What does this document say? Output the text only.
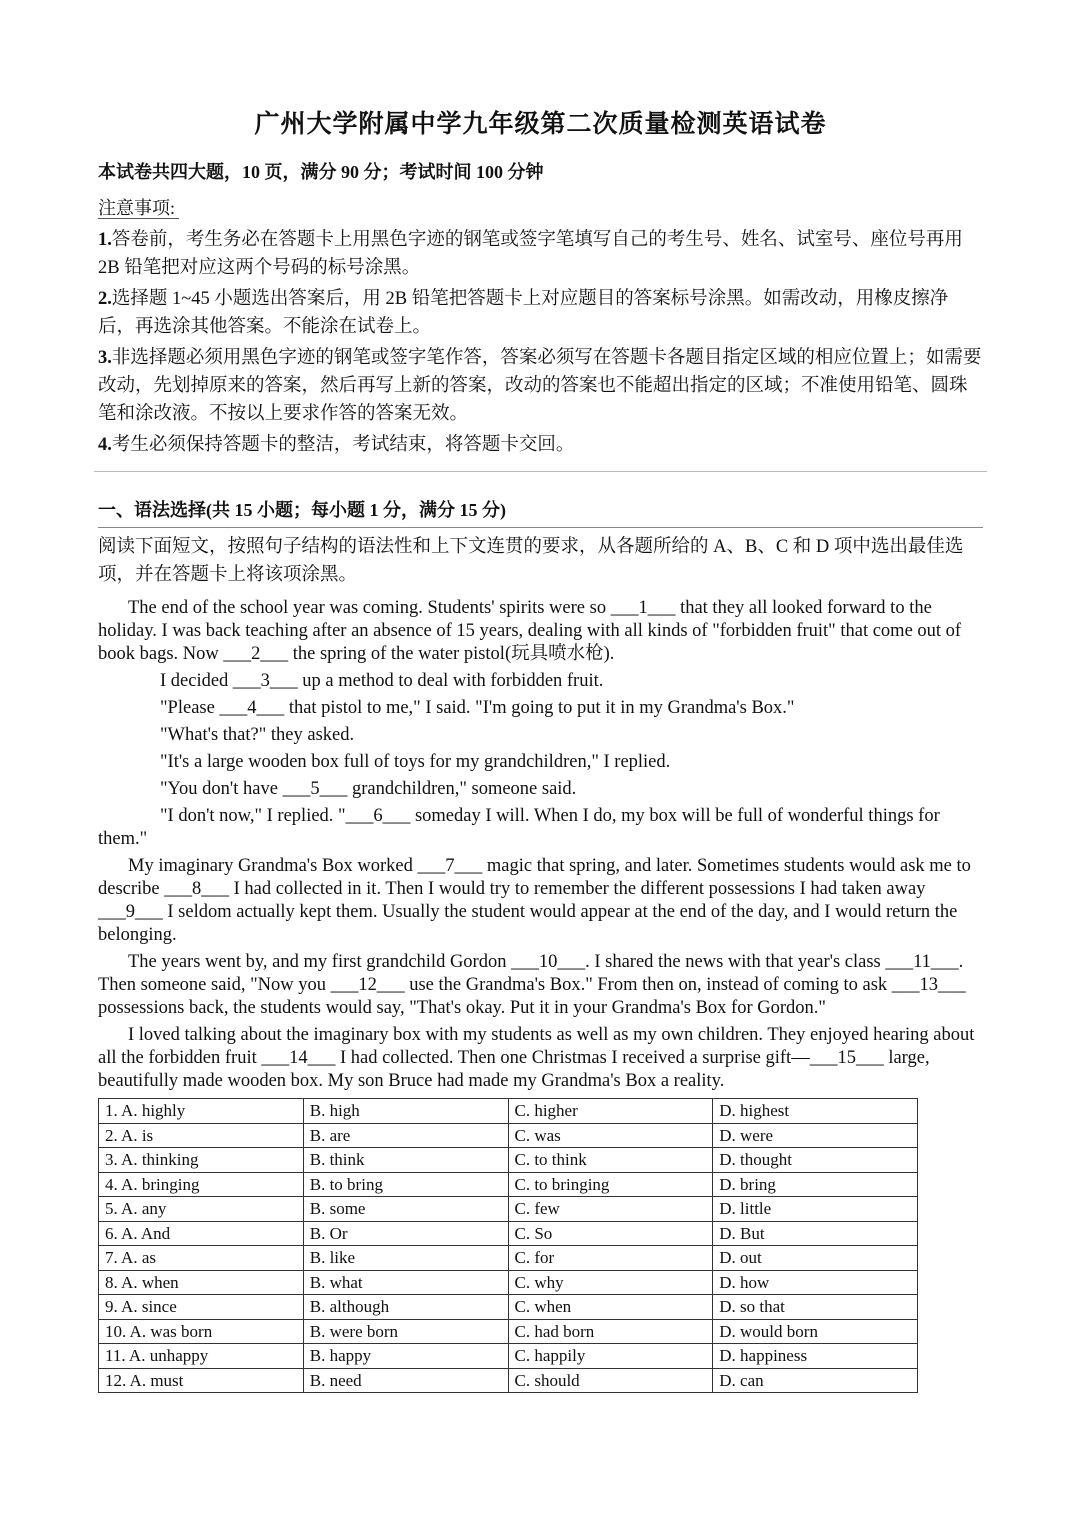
广州大学附属中学九年级第二次质量检测英语试卷
本试卷共四大题，10 页，满分 90 分；考试时间 100 分钟
注意事项:
1.答卷前，考生务必在答题卡上用黑色字迹的钢笔或签字笔填写自己的考生号、姓名、试室号、座位号再用 2B 铅笔把对应这两个号码的标号涂黑。
2.选择题 1~45 小题选出答案后，用 2B 铅笔把答题卡上对应题目的答案标号涂黑。如需改动，用橡皮擦净后，再选涂其他答案。不能涂在试卷上。
3.非选择题必须用黑色字迹的钢笔或签字笔作答，答案必须写在答题卡各题目指定区域的相应位置上；如需要改动，先划掉原来的答案，然后再写上新的答案，改动的答案也不能超出指定的区域；不准使用铅笔、圆珠笔和涂改液。不按以上要求作答的答案无效。
4.考生必须保持答题卡的整洁，考试结束，将答题卡交回。
一、语法选择(共 15 小题；每小题 1 分，满分 15 分)
阅读下面短文，按照句子结构的语法性和上下文连贯的要求，从各题所给的 A、B、C 和 D 项中选出最佳选项，并在答题卡上将该项涂黑。

The end of the school year was coming. Students' spirits were so ___1___ that they all looked forward to the holiday. I was back teaching after an absence of 15 years, dealing with all kinds of "forbidden fruit" that come out of book bags. Now ___2___ the spring of the water pistol(玩具喷水枪).

I decided ___3___ up a method to deal with forbidden fruit.

"Please ___4___ that pistol to me," I said. "I'm going to put it in my Grandma's Box."

"What's that?" they asked.

"It's a large wooden box full of toys for my grandchildren," I replied.

"You don't have ___5___ grandchildren," someone said.

"I don't now," I replied. "___6___ someday I will. When I do, my box will be full of wonderful things for them."

My imaginary Grandma's Box worked ___7___ magic that spring, and later. Sometimes students would ask me to describe ___8___ I had collected in it. Then I would try to remember the different possessions I had taken away ___9___ I seldom actually kept them. Usually the student would appear at the end of the day, and I would return the belonging.

The years went by, and my first grandchild Gordon ___10___. I shared the news with that year's class ___11___. Then someone said, "Now you ___12___ use the Grandma's Box." From then on, instead of coming to ask ___13___ possessions back, the students would say, "That's okay. Put it in your Grandma's Box for Gordon."

I loved talking about the imaginary box with my students as well as my own children. They enjoyed hearing about all the forbidden fruit ___14___ I had collected. Then one Christmas I received a surprise gift—___15___ large, beautifully made wooden box. My son Bruce had made my Grandma's Box a reality.

1. A. highly	B. high	C. higher	D. highest
2. A. is	B. are	C. was	D. were
3. A. thinking	B. think	C. to think	D. thought
4. A. bringing	B. to bring	C. to bringing	D. bring
5. A. any	B. some	C. few	D. little
6. A. And	B. Or	C. So	D. But
7. A. as	B. like	C. for	D. out
8. A. when	B. what	C. why	D. how
9. A. since	B. although	C. when	D. so that
10. A. was born	B. were born	C. had born	D. would born
11. A. unhappy	B. happy	C. happily	D. happiness
12. A. must	B. need	C. should	D. can
